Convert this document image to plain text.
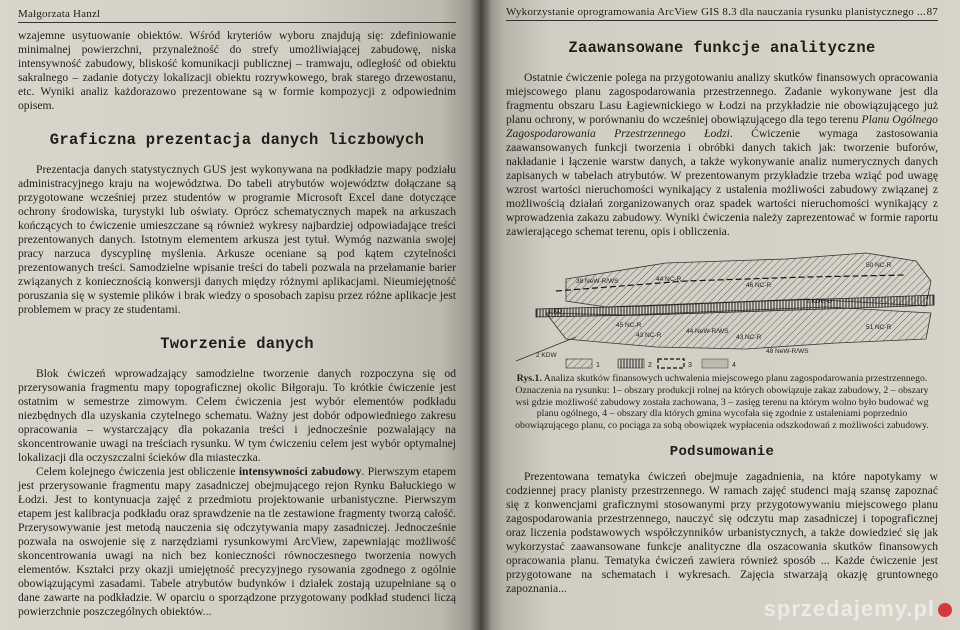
Małgorzata Hanzl

wzajemne usytuowanie obiektów. Wśród kryteriów wyboru znajdują się: zdefiniowanie minimalnej powierzchni, przynależność do strefy umożliwiającej zabudowę, niska intensywność zabudowy, bliskość komunikacji publicznej – tramwaju, odległość od obiektu sakralnego – zadanie dotyczy lokalizacji obiektu rozrywkowego, brak starego drzewostanu, etc. Wyniki analiz każdorazowo prezentowane są w formie kompozycji z odpowiednim opisem.

Graficzna prezentacja danych liczbowych

Prezentacja danych statystycznych GUS jest wykonywana na podkładzie mapy podziału administracyjnego kraju na województwa. Do tabeli atrybutów województw dołączane są przygotowane wcześniej przez studentów w programie Microsoft Excel dane dotyczące ochrony środowiska, turystyki lub oświaty. Oprócz schematycznych mapek na arkuszach kończących to ćwiczenie umieszczane są również wykresy najbardziej odpowiadające treści prezentowanych danych. Istotnym elementem arkusza jest tytuł. Wymóg nazwania swojej pracy narzuca dyscyplinę myślenia. Arkusze oceniane są pod kątem czytelności prezentowanych treści. Samodzielne wpisanie treści do tabeli pozwala na przełamanie barier związanych z koniecznością konwersji danych między różnymi aplikacjami. Nieumiejętność poruszania się w systemie plików i brak wiedzy o sposobach zapisu przez różne aplikacje jest problemem w pracy ze studentami.

Tworzenie danych

Blok ćwiczeń wprowadzający samodzielne tworzenie danych rozpoczyna się od przerysowania fragmentu mapy topograficznej okolic Biłgoraju. To krótkie ćwiczenie jest ostatnim w semestrze zimowym. Celem ćwiczenia jest wybór elementów podkładu niezbędnych dla uzyskania czytelnego schematu. Ważny jest dobór odpowiedniego zakresu opracowania – wystarczający dla pokazania treści i jednocześnie pozwalający na skoncentrowanie uwagi na treściach rysunku. W tym ćwiczeniu celem jest wybór optymalnej lokalizacji dla oczyszczalni ścieków dla miasteczka.

Celem kolejnego ćwiczenia jest obliczenie intensywności zabudowy. Pierwszym etapem jest przerysowanie fragmentu mapy zasadniczej obejmującego rejon Rynku Bałuckiego w Łodzi. Jest to kontynuacja zajęć z przedmiotu projektowanie urbanistyczne. Pierwszym etapem jest kalibracja podkładu oraz sprawdzenie na tle zestawione fragmenty tworzą całość. Przerysowywanie jest metodą nauczenia się odczytywania mapy zasadniczej. Jednocześnie pozwala na oswojenie się z narzędziami rysunkowymi ArcView, zapewniając możliwość skoncentrowania uwagi na nich bez konieczności równoczesnego tworzenia nowych elementów. Kształci przy okazji umiejętność precyzyjnego rysowania zgodnego z ogólnie obowiązującymi zasadami. Tabele atrybutów budynków i działek zostają uzupełniane są o dane zawarte na podkładzie. W oparciu o sporządzone przygotowany podkład studenci liczą powierzchnie poszczególnych obiektów...

Wykorzystanie oprogramowania ArcView GIS 8.3 dla nauczania rysunku planistycznego ... 87
Zaawansowane funkcje analityczne

Ostatnie ćwiczenie polega na przygotowaniu analizy skutków finansowych opracowania miejscowego planu zagospodarowania przestrzennego. Zadanie wykonywane jest dla fragmentu obszaru Lasu Łagiewnickiego w Łodzi na przykładzie nie obowiązującego już planu ochrony, w porównaniu do wcześniej obowiązującego dla tego terenu Planu Ogólnego Zagospodarowania Przestrzennego Łodzi. Ćwiczenie wymaga zastosowania zaawansowanych funkcji tworzenia i obróbki danych takich jak: tworzenie buforów, nakładanie i łączenie warstw danych, a także wykonywanie analiz numerycznych danych zapisanych w tabelach atrybutów. W prezentowanym przykładzie trzeba wziąć pod uwagę wzrost wartości nieruchomości wynikający z ustalenia możliwości zabudowy związanej z możliwością działań zorganizowanych oraz spadek wartości nieruchomości wynikający z wprowadzenia zakazu zabudowy. Wyniki ćwiczenia należy zaprezentować w formie raportu zawierającego schemat terenu, opis i obliczenia.

50 NC-R
38 NeW-R/WS	44 NC-R
46 NC-R
1 KD
2 KDG-D
45 NC-R
43 NC-R
44 NeW-R/WS
43 NC-R
48 NeW-R/WS
51 NC-R
2 KDW
1	2	3	4
Rys.1. Analiza skutków finansowych uchwalenia miejscowego planu zagospodarowania przestrzennego. Oznaczenia na rysunku: 1– obszary produkcji rolnej na których obowiązuje zakaz zabudowy, 2 – obszary wsi gdzie możliwość zabudowy została zachowana, 3 – zasięg terenu na którym wolno było budować wg planu ogólnego, 4 – obszary dla których gmina wycofała się zgodnie z ustaleniami poprzednio obowiązującego planu, co pociąga za sobą obowiązek wypłacenia odszkodowań z możliwości zabudowy.
Podsumowanie

Prezentowana tematyka ćwiczeń obejmuje zagadnienia, na które napotykamy w codziennej pracy planisty przestrzennego. W ramach zajęć studenci mają szansę zapoznać się z konwencjami graficznymi stosowanymi przy przygotowywaniu miejscowego planu zagospodarowania przestrzennego, nauczyć się odczytu map zasadniczej i topograficznej oraz liczenia podstawowych współczynników urbanistycznych, a także dowiedzieć się jak wykorzystać zaawansowane funkcje analityczne dla oszacowania skutków finansowych opracowania planu. Tematyka ćwiczeń zawiera również sposób ... Każde ćwiczenie jest przygotowane na schematach i wykresach. Zajęcia stwarzają okazję gruntownego zapoznania...

sprzedajemy.pl
